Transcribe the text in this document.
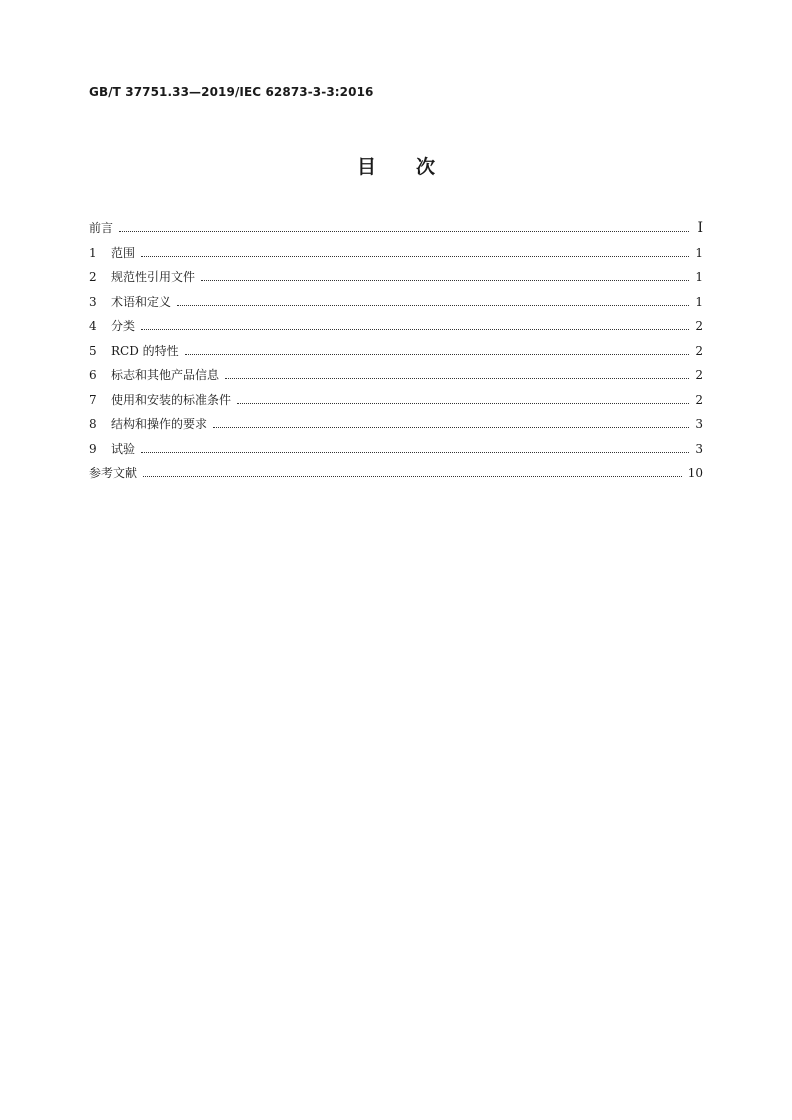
GB/T 37751.33—2019/IEC 62873-3-3:2016
目次
前言	I
1	范围	1
2	规范性引用文件	1
3	术语和定义	1
4	分类	2
5	RCD 的特性	2
6	标志和其他产品信息	2
7	使用和安装的标准条件	2
8	结构和操作的要求	3
9	试验	3
参考文献	10
